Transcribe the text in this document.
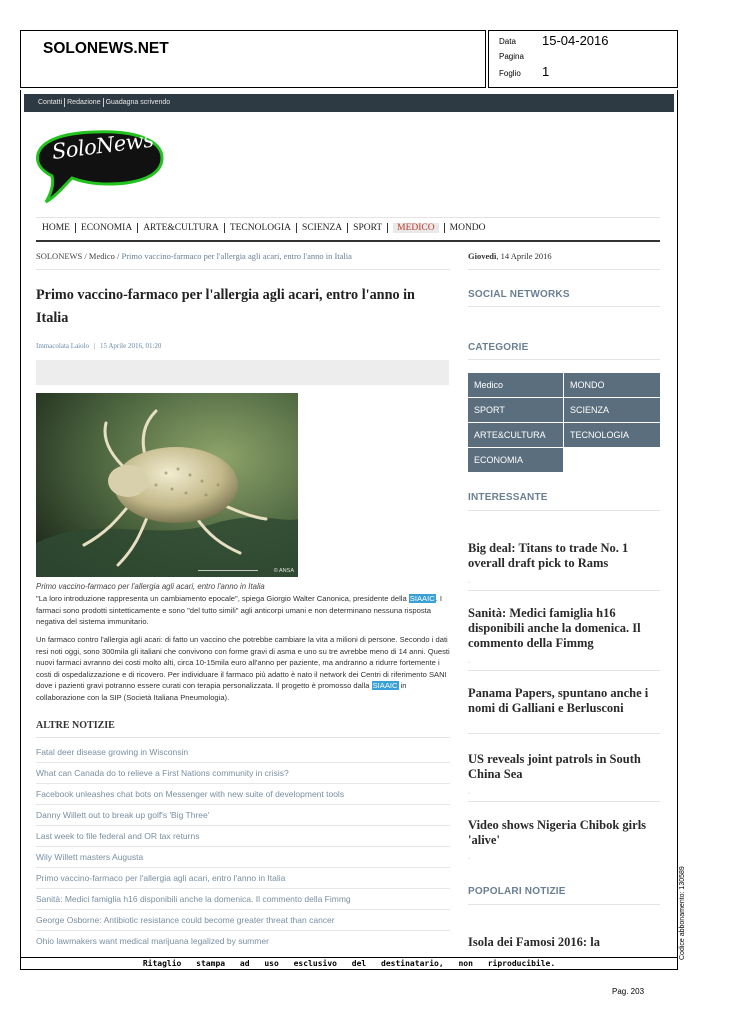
SOLONEWS.NET	Data 15-04-2016
Pagina
Foglio 1
Contatti Redazione Guadagna scrivendo
SoloNews
HOME ECONOMIA ARTE&CULTURA TECNOLOGIA SCIENZA SPORT MEDICO MONDO
SOLONEWS / Medico / Primo vaccino-farmaco per l'allergia agli acari, entro l'anno in Italia	Giovedì, 14 Aprile 2016
Primo vaccino-farmaco per l'allergia agli acari, entro l'anno in Italia
Immacolata Laiolo | 15 Aprile 2016, 01:20
© ANSA
Primo vaccino-farmaco per l'allergia agli acari, entro l'anno in Italia
"La loro introduzione rappresenta un cambiamento epocale", spiega Giorgio Walter Canonica, presidente della SIAAIC. I farmaci sono prodotti sintetticamente e sono "del tutto simili" agli anticorpi umani e non determinano nessuna risposta negativa del sistema immunitario.
Un farmaco contro l'allergia agli acari: di fatto un vaccino che potrebbe cambiare la vita a milioni di persone. Secondo i dati resi noti oggi, sono 300mila gli italiani che convivono con forme gravi di asma e uno su tre avrebbe meno di 14 anni. Questi nuovi farmaci avranno dei costi molto alti, circa 10-15mila euro all'anno per paziente, ma andranno a ridurre fortemente i costi di ospedalizzazione e di ricovero. Per individuare il farmaco più adatto è nato il network dei Centri di riferimento SANI dove i pazienti gravi potranno essere curati con terapia personalizzata. Il progetto è promosso dalla SIAAIC in collaborazione con la SIP (Società Italiana Pneumologia).
ALTRE NOTIZIE
Fatal deer disease growing in Wisconsin
What can Canada do to relieve a First Nations community in crisis?
Facebook unleashes chat bots on Messenger with new suite of development tools
Danny Willett out to break up golf's 'Big Three'
Last week to file federal and OR tax returns
Wily Willett masters Augusta
Primo vaccino-farmaco per l'allergia agli acari, entro l'anno in Italia
Sanità: Medici famiglia h16 disponibili anche la domenica. Il commento della Fimmg
George Osborne: Antibiotic resistance could become greater threat than cancer
Ohio lawmakers want medical marijuana legalized by summer
SOCIAL NETWORKS
CATEGORIE
Medico	MONDO
SPORT	SCIENZA
ARTE&CULTURA	TECNOLOGIA
ECONOMIA
INTERESSANTE
Big deal: Titans to trade No. 1 overall draft pick to Rams
▫
Sanità: Medici famiglia h16 disponibili anche la domenica. Il commento della Fimmg
▫
Panama Papers, spuntano anche i nomi di Galliani e Berlusconi
US reveals joint patrols in South China Sea
▫
Video shows Nigeria Chibok girls 'alive'
▫
POPOLARI NOTIZIE
Isola dei Famosi 2016: la	Codice abbonamento: 130589
Ritaglio stampa ad uso esclusivo del destinatario, non riproducibile.
Pag. 203
